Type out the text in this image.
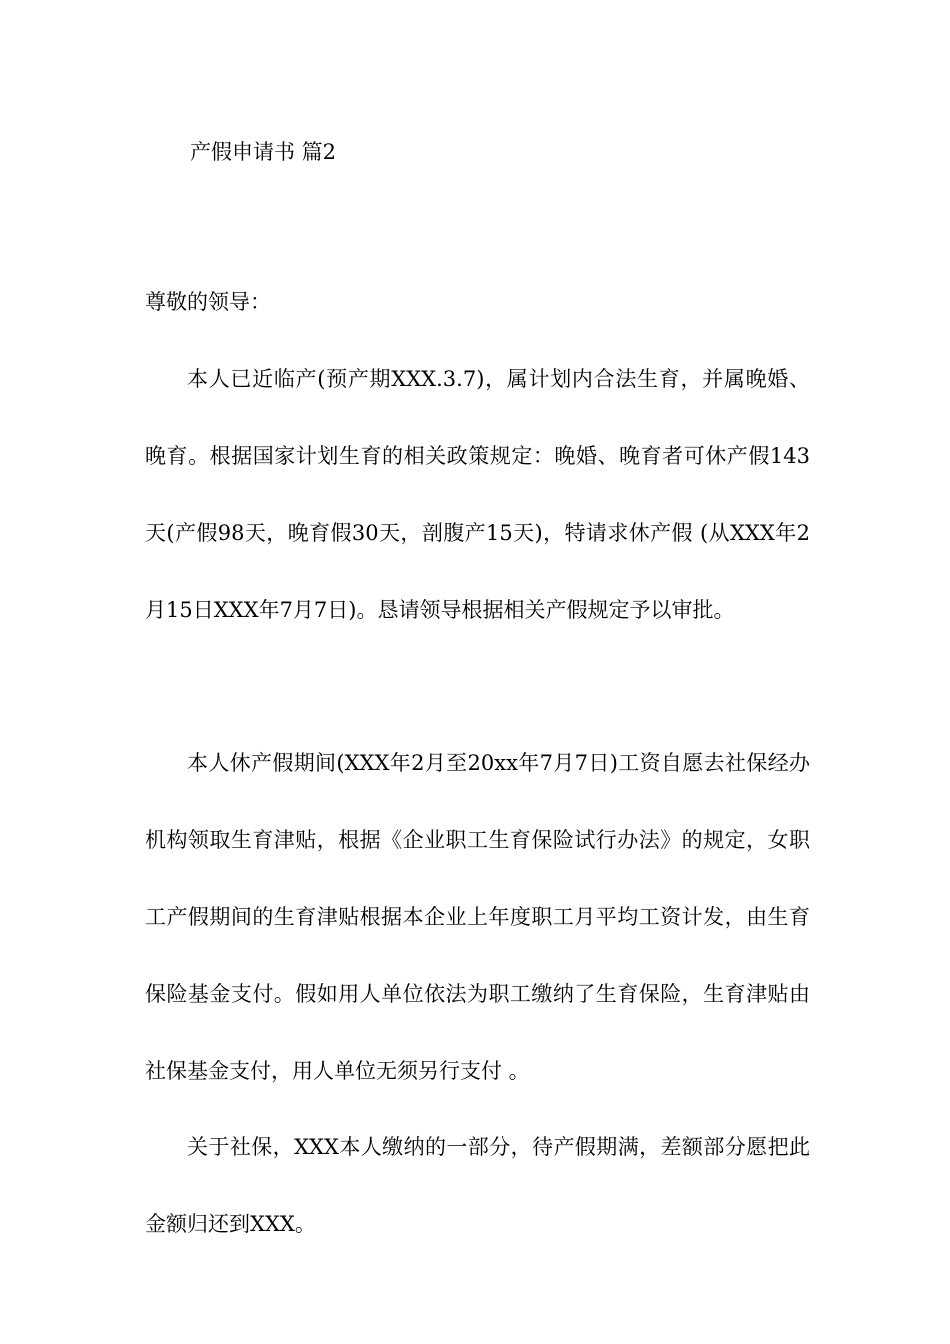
产假申请书 篇2

尊敬的领导：

本人已近临产(预产期XXX.3.7)，属计划内合法生育，并属晚婚、晚育。根据国家计划生育的相关政策规定：晚婚、晚育者可休产假143天(产假98天，晚育假30天，剖腹产15天)，特请求休产假 (从XXX年2月15日XXX年7月7日)。恳请领导根据相关产假规定予以审批。

本人休产假期间(XXX年2月至20xx年7月7日)工资自愿去社保经办机构领取生育津贴，根据《企业职工生育保险试行办法》的规定，女职工产假期间的生育津贴根据本企业上年度职工月平均工资计发，由生育保险基金支付。假如用人单位依法为职工缴纳了生育保险，生育津贴由社保基金支付，用人单位无须另行支付 。

关于社保，XXX本人缴纳的一部分，待产假期满，差额部分愿把此金额归还到XXX。
